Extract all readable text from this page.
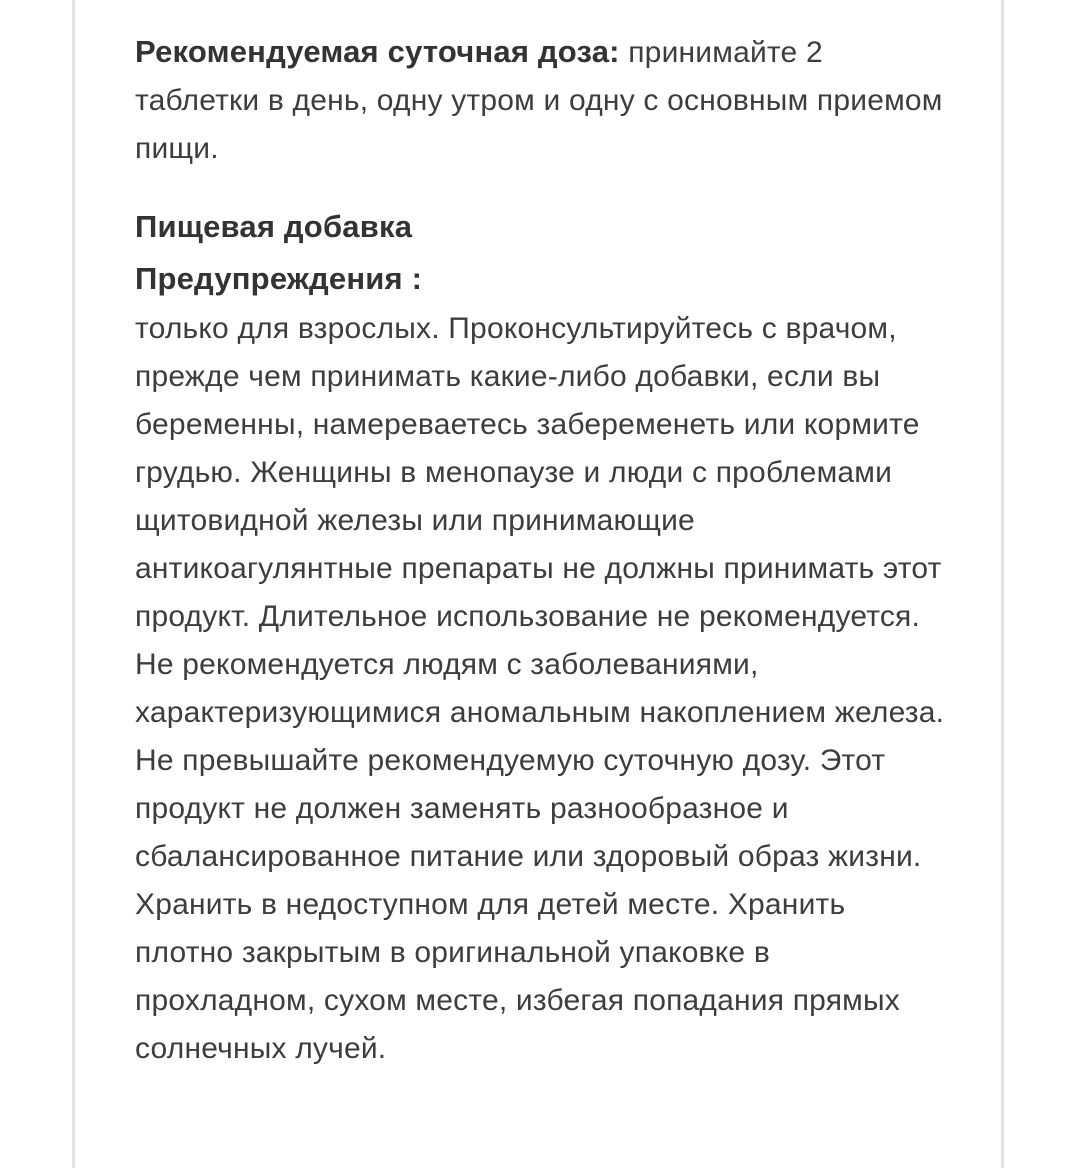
Рекомендуемая суточная доза: принимайте 2 таблетки в день, одну утром и одну с основным приемом пищи.

Пищевая добавка
Предупреждения :

только для взрослых. Проконсультируйтесь с врачом, прежде чем принимать какие-либо добавки, если вы беременны, намереваетесь забеременеть или кормите грудью. Женщины в менопаузе и люди с проблемами щитовидной железы или принимающие антикоагулянтные препараты не должны принимать этот продукт. Длительное использование не рекомендуется. Не рекомендуется людям с заболеваниями, характеризующимися аномальным накоплением железа. Не превышайте рекомендуемую суточную дозу. Этот продукт не должен заменять разнообразное и сбалансированное питание или здоровый образ жизни. Хранить в недоступном для детей месте. Хранить плотно закрытым в оригинальной упаковке в прохладном, сухом месте, избегая попадания прямых солнечных лучей.
